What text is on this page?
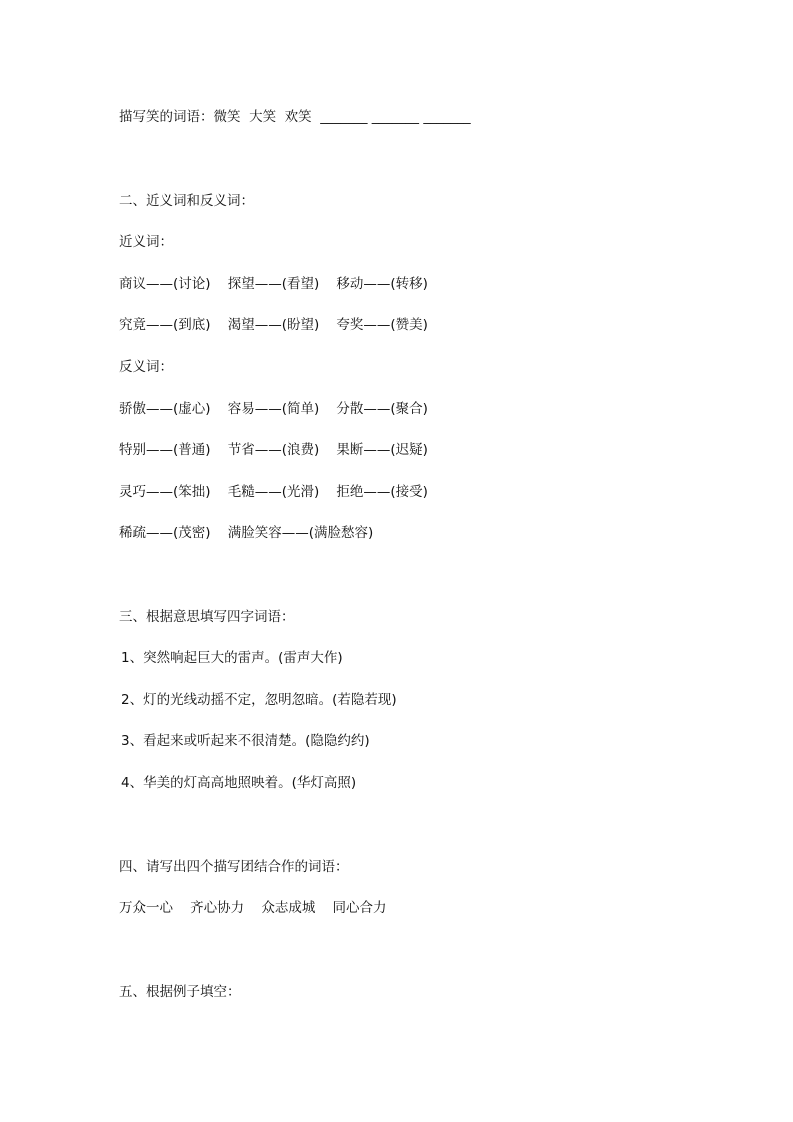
描写笑的词语：微笑  大笑  欢笑  _______ _______ _______

二、近义词和反义词：

近义词：

商议——(讨论)    探望——(看望)    移动——(转移)

究竟——(到底)    渴望——(盼望)    夸奖——(赞美)

反义词：

骄傲——(虚心)    容易——(简单)    分散——(聚合)

特别——(普通)    节省——(浪费)    果断——(迟疑)

灵巧——(笨拙)    毛糙——(光滑)    拒绝——(接受)

稀疏——(茂密)    满脸笑容——(满脸愁容)

三、根据意思填写四字词语：

1、突然响起巨大的雷声。(雷声大作)

2、灯的光线动摇不定，忽明忽暗。(若隐若现)

3、看起来或听起来不很清楚。(隐隐约约)

4、华美的灯高高地照映着。(华灯高照)

四、请写出四个描写团结合作的词语：

万众一心    齐心协力    众志成城    同心合力

五、根据例子填空：
